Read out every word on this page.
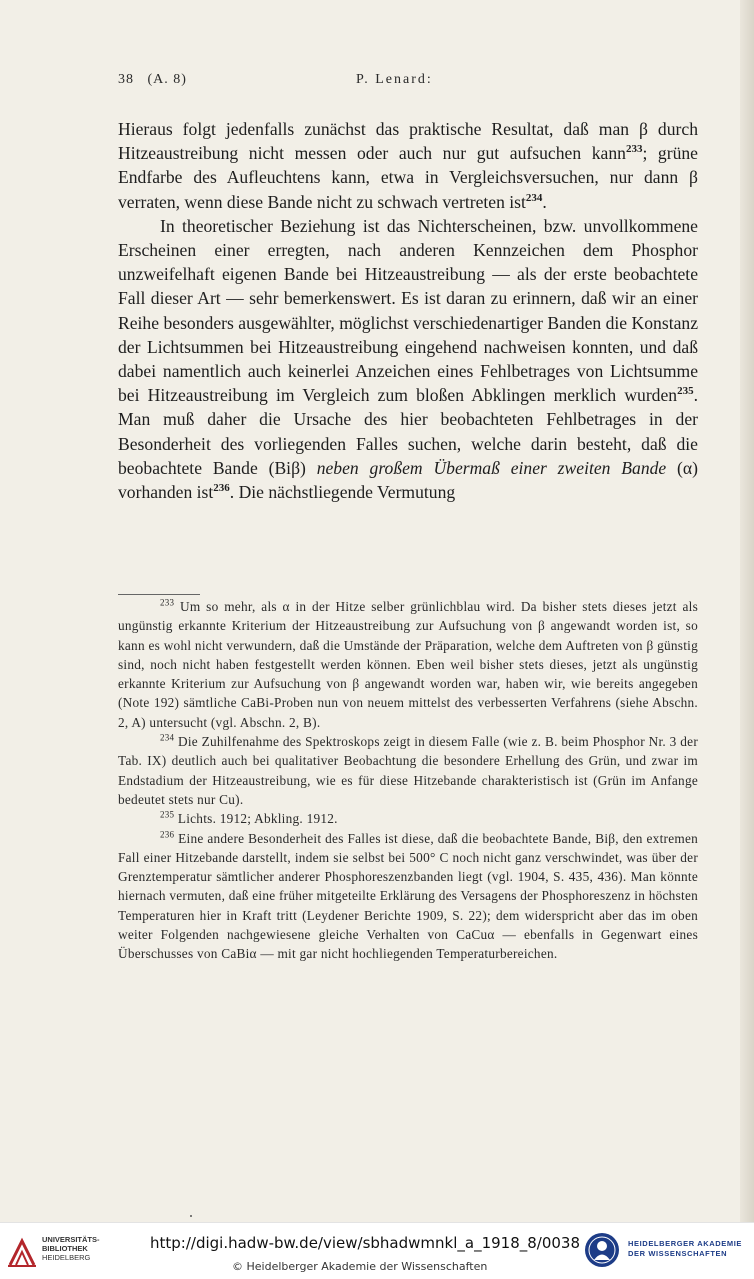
38   (A. 8)	P. Lenard:

Hieraus folgt jedenfalls zunächst das praktische Resultat, daß man β durch Hitzeaustreibung nicht messen oder auch nur gut aufsuchen kann$^{233}$; grüne Endfarbe des Aufleuchtens kann, etwa in Vergleichsversuchen, nur dann β verraten, wenn diese Bande nicht zu schwach vertreten ist$^{234}$.

In theoretischer Beziehung ist das Nichterscheinen, bzw. unvollkommene Erscheinen einer erregten, nach anderen Kennzeichen dem Phosphor unzweifelhaft eigenen Bande bei Hitzeaustreibung — als der erste beobachtete Fall dieser Art — sehr bemerkenswert. Es ist daran zu erinnern, daß wir an einer Reihe besonders ausgewählter, möglichst verschiedenartiger Banden die Konstanz der Lichtsummen bei Hitzeaustreibung eingehend nachweisen konnten, und daß dabei namentlich auch keinerlei Anzeichen eines Fehlbetrages von Lichtsumme bei Hitzeaustreibung im Vergleich zum bloßen Abklingen merklich wurden$^{235}$. Man muß daher die Ursache des hier beobachteten Fehlbetrages in der Besonderheit des vorliegenden Falles suchen, welche darin besteht, daß die beobachtete Bande (Biβ) neben großem Übermaß einer zweiten Bande (α) vorhanden ist$^{236}$. Die nächstliegende Vermutung

$^{233}$ Um so mehr, als α in der Hitze selber grünlichblau wird. Da bisher stets dieses jetzt als ungünstig erkannte Kriterium der Hitzeaustreibung zur Aufsuchung von β angewandt worden ist, so kann es wohl nicht verwundern, daß die Umstände der Präparation, welche dem Auftreten von β günstig sind, noch nicht haben festgestellt werden können. Eben weil bisher stets dieses, jetzt als ungünstig erkannte Kriterium zur Aufsuchung von β angewandt worden war, haben wir, wie bereits angegeben (Note 192) sämtliche CaBi-Proben nun von neuem mittelst des verbesserten Verfahrens (siehe Abschn. 2, A) untersucht (vgl. Abschn. 2, B).

$^{234}$ Die Zuhilfenahme des Spektroskops zeigt in diesem Falle (wie z. B. beim Phosphor Nr. 3 der Tab. IX) deutlich auch bei qualitativer Beobachtung die besondere Erhellung des Grün, und zwar im Endstadium der Hitzeaustreibung, wie es für diese Hitzebande charakteristisch ist (Grün im Anfange bedeutet stets nur Cu).

$^{235}$ Lichts. 1912; Abkling. 1912.

$^{236}$ Eine andere Besonderheit des Falles ist diese, daß die beobachtete Bande, Biβ, den extremen Fall einer Hitzebande darstellt, indem sie selbst bei 500° C noch nicht ganz verschwindet, was über der Grenztemperatur sämtlicher anderer Phosphoreszenzbanden liegt (vgl. 1904, S. 435, 436). Man könnte hiernach vermuten, daß eine früher mitgeteilte Erklärung des Versagens der Phosphoreszenz in höchsten Temperaturen hier in Kraft tritt (Leydener Berichte 1909, S. 22); dem widerspricht aber das im oben weiter Folgenden nachgewiesene gleiche Verhalten von CaCuα — ebenfalls in Gegenwart eines Überschusses von CaBiα — mit gar nicht hochliegenden Temperaturbereichen.

UNIVERSITÄTS-
BIBLIOTHEK
HEIDELBERG
http://digi.hadw-bw.de/view/sbhadwmnkl_a_1918_8/0038
© Heidelberger Akademie der Wissenschaften
HEIDELBERGER AKADEMIE
DER WISSENSCHAFTEN
